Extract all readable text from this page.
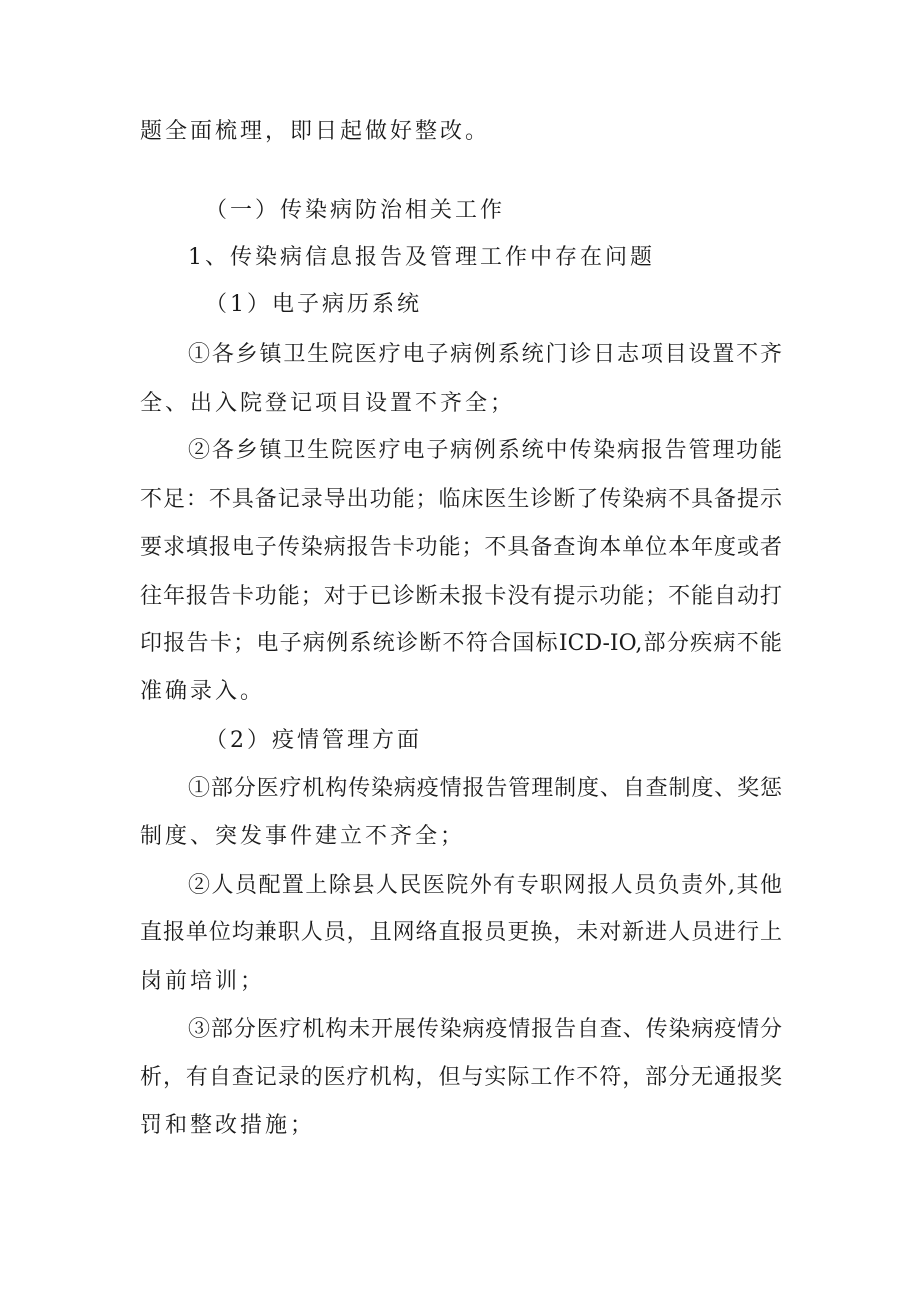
题全面梳理，即日起做好整改。
（一）传染病防治相关工作
1、传染病信息报告及管理工作中存在问题
（1）电子病历系统
①各乡镇卫生院医疗电子病例系统门诊日志项目设置不齐
全、出入院登记项目设置不齐全；
②各乡镇卫生院医疗电子病例系统中传染病报告管理功能
不足：不具备记录导出功能；临床医生诊断了传染病不具备提示
要求填报电子传染病报告卡功能；不具备查询本单位本年度或者
往年报告卡功能；对于已诊断未报卡没有提示功能；不能自动打
印报告卡；电子病例系统诊断不符合国标ICD-IO,部分疾病不能
准确录入。
（2）疫情管理方面
①部分医疗机构传染病疫情报告管理制度、自查制度、奖惩
制度、突发事件建立不齐全；
②人员配置上除县人民医院外有专职网报人员负责外,其他
直报单位均兼职人员，且网络直报员更换，未对新进人员进行上
岗前培训；
③部分医疗机构未开展传染病疫情报告自查、传染病疫情分
析，有自查记录的医疗机构，但与实际工作不符，部分无通报奖
罚和整改措施；
